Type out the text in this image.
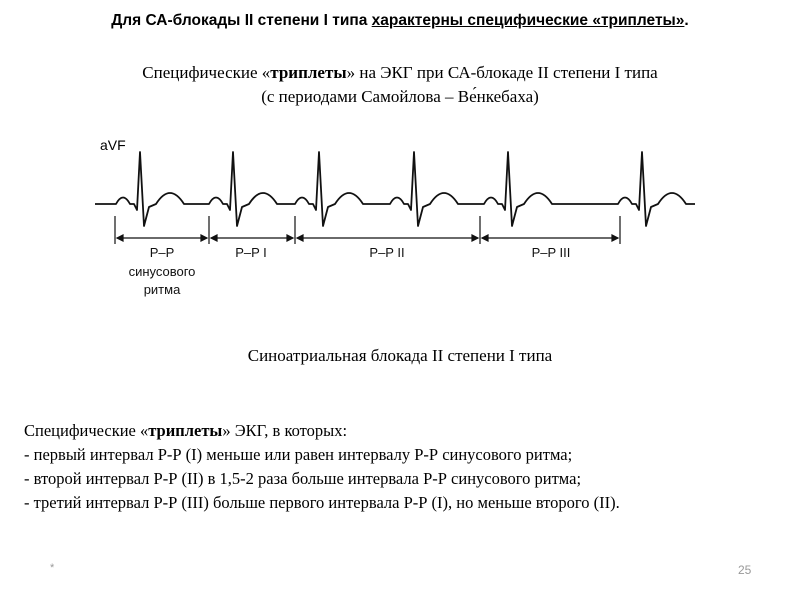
Для СА-блокады II степени I типа характерны специфические «триплеты».
Специфические «триплеты» на ЭКГ при СА-блокаде II степени I типа
(с периодами Самойлова – Ве́нкебаха)
aVF
P–P
синусового
ритма
P–P I	P–P II	P–P III
Синоатриальная блокада II степени I типа
Специфические «триплеты» ЭКГ, в которых:
- первый интервал Р-Р (I) меньше или равен интервалу Р-Р синусового ритма;
- второй интервал Р-Р (II) в 1,5-2 раза больше интервала Р-Р синусового ритма;
- третий интервал Р-Р (III) больше первого интервала Р-Р (I), но меньше второго (II).
*	25
